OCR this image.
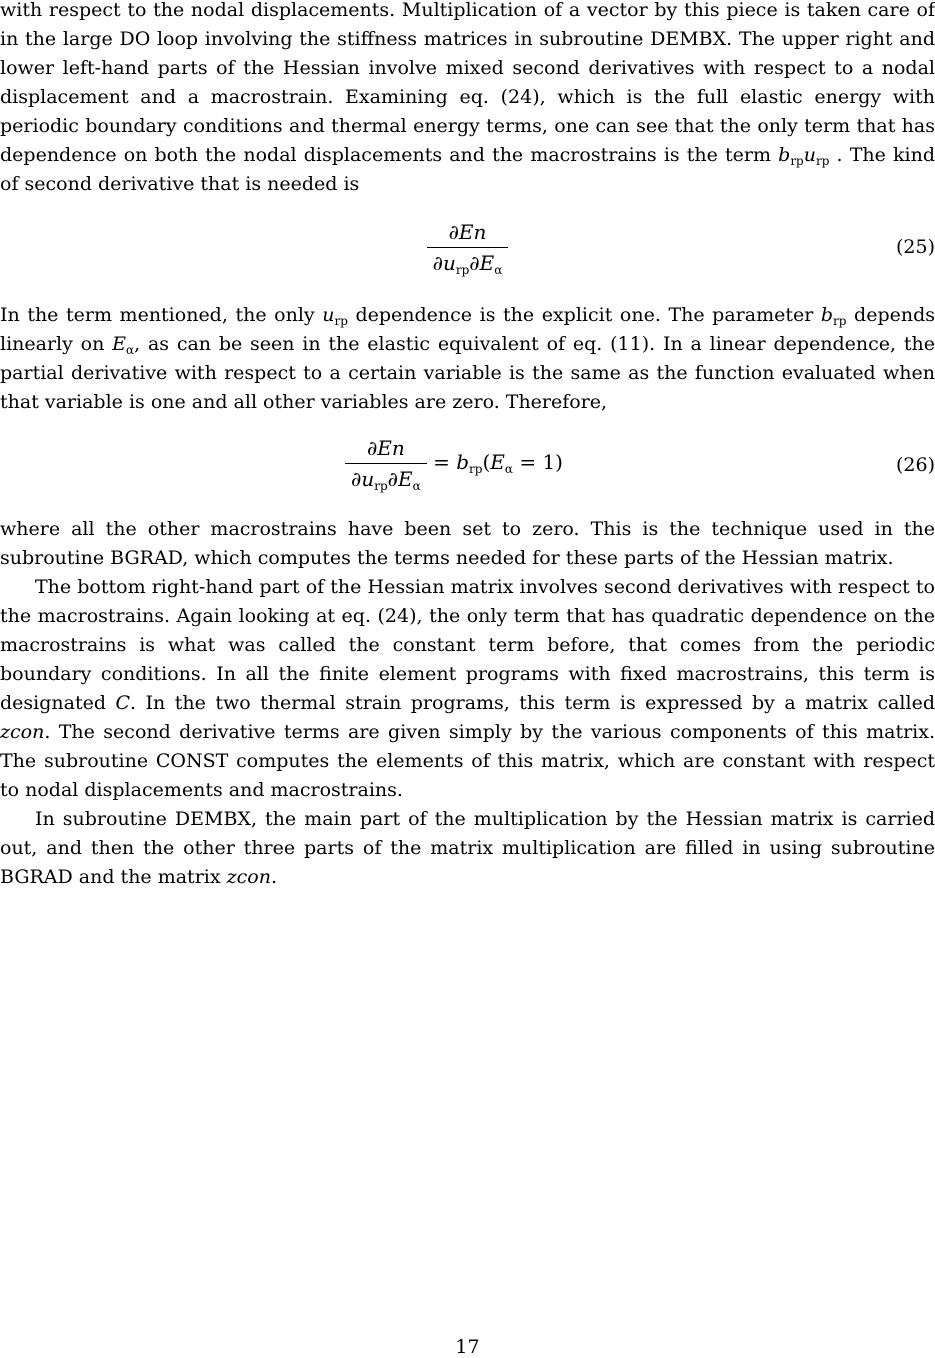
with respect to the nodal displacements. Multiplication of a vector by this piece is taken care of in the large DO loop involving the stiffness matrices in subroutine DEMBX. The upper right and lower left-hand parts of the Hessian involve mixed second derivatives with respect to a nodal displacement and a macrostrain. Examining eq. (24), which is the full elastic energy with periodic boundary conditions and thermal energy terms, one can see that the only term that has dependence on both the nodal displacements and the macrostrains is the term $b_{rp}u_{rp}$ . The kind of second derivative that is needed is

$\frac{\partial En}{\partial u_{rp}\partial E_\alpha}$	(25)

In the term mentioned, the only $u_{rp}$ dependence is the explicit one. The parameter $b_{rp}$ depends linearly on $E_\alpha$, as can be seen in the elastic equivalent of eq. (11). In a linear dependence, the partial derivative with respect to a certain variable is the same as the function evaluated when that variable is one and all other variables are zero. Therefore,

$\frac{\partial En}{\partial u_{rp}\partial E_\alpha} = b_{rp}(E_\alpha = 1)$	(26)

where all the other macrostrains have been set to zero. This is the technique used in the subroutine BGRAD, which computes the terms needed for these parts of the Hessian matrix.

The bottom right-hand part of the Hessian matrix involves second derivatives with respect to the macrostrains. Again looking at eq. (24), the only term that has quadratic dependence on the macrostrains is what was called the constant term before, that comes from the periodic boundary conditions. In all the finite element programs with fixed macrostrains, this term is designated C. In the two thermal strain programs, this term is expressed by a matrix called zcon. The second derivative terms are given simply by the various components of this matrix. The subroutine CONST computes the elements of this matrix, which are constant with respect to nodal displacements and macrostrains.

In subroutine DEMBX, the main part of the multiplication by the Hessian matrix is carried out, and then the other three parts of the matrix multiplication are filled in using subroutine BGRAD and the matrix zcon.

17
